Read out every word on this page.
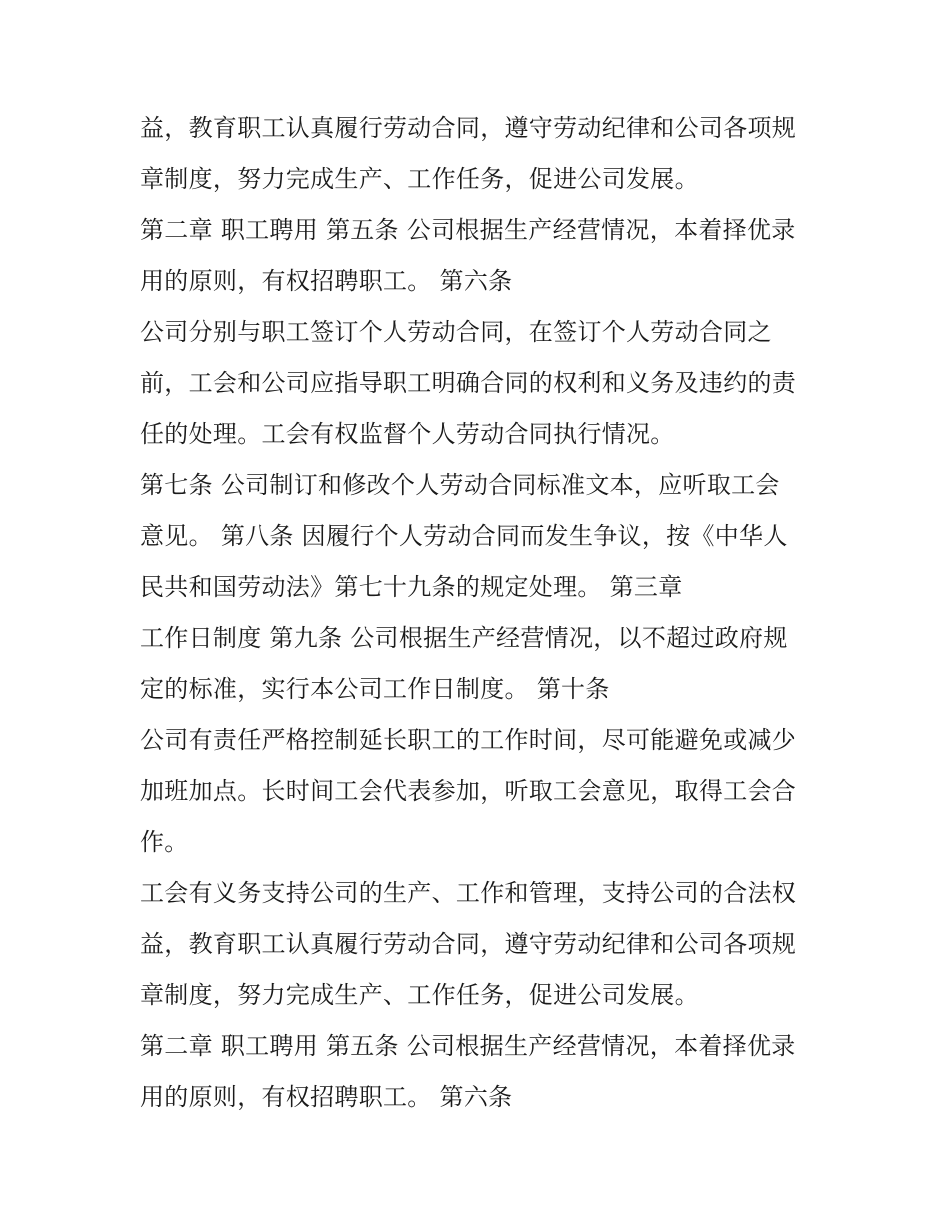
益，教育职工认真履行劳动合同，遵守劳动纪律和公司各项规
章制度，努力完成生产、工作任务，促进公司发展。
第二章 职工聘用 第五条 公司根据生产经营情况，本着择优录
用的原则，有权招聘职工。 第六条
公司分别与职工签订个人劳动合同，在签订个人劳动合同之
前，工会和公司应指导职工明确合同的权利和义务及违约的责
任的处理。工会有权监督个人劳动合同执行情况。
第七条 公司制订和修改个人劳动合同标准文本，应听取工会
意见。 第八条 因履行个人劳动合同而发生争议，按《中华人
民共和国劳动法》第七十九条的规定处理。 第三章
工作日制度 第九条 公司根据生产经营情况，以不超过政府规
定的标准，实行本公司工作日制度。 第十条
公司有责任严格控制延长职工的工作时间，尽可能避免或减少
加班加点。长时间工会代表参加，听取工会意见，取得工会合
作。
工会有义务支持公司的生产、工作和管理，支持公司的合法权
益，教育职工认真履行劳动合同，遵守劳动纪律和公司各项规
章制度，努力完成生产、工作任务，促进公司发展。
第二章 职工聘用 第五条 公司根据生产经营情况，本着择优录
用的原则，有权招聘职工。 第六条
